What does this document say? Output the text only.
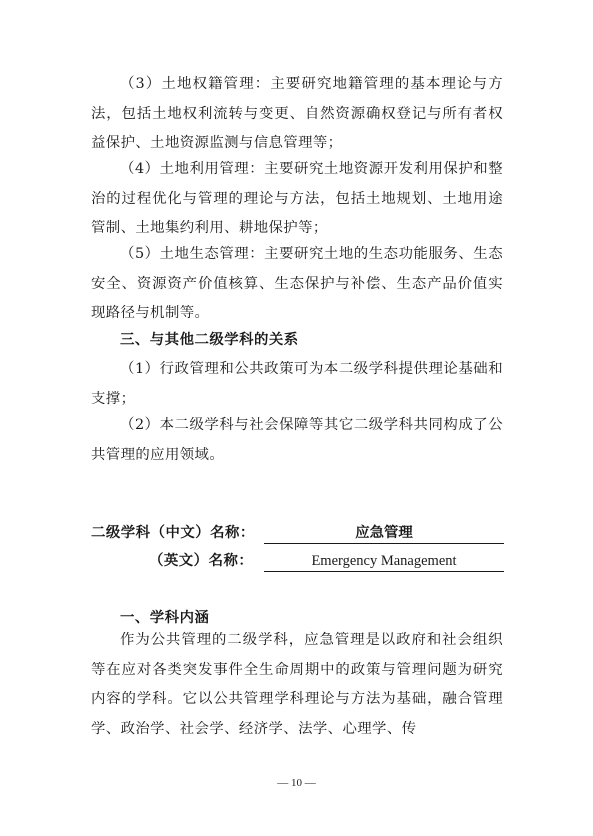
（3）土地权籍管理：主要研究地籍管理的基本理论与方法，包括土地权利流转与变更、自然资源确权登记与所有者权益保护、土地资源监测与信息管理等；

（4）土地利用管理：主要研究土地资源开发利用保护和整治的过程优化与管理的理论与方法，包括土地规划、土地用途管制、土地集约利用、耕地保护等；

（5）土地生态管理：主要研究土地的生态功能服务、生态安全、资源资产价值核算、生态保护与补偿、生态产品价值实现路径与机制等。

三、与其他二级学科的关系

（1）行政管理和公共政策可为本二级学科提供理论基础和支撑；

（2）本二级学科与社会保障等其它二级学科共同构成了公共管理的应用领域。

二级学科（中文）名称：	应急管理
（英文）名称：	Emergency Management

一、学科内涵

作为公共管理的二级学科，应急管理是以政府和社会组织等在应对各类突发事件全生命周期中的政策与管理问题为研究内容的学科。它以公共管理学科理论与方法为基础，融合管理学、政治学、社会学、经济学、法学、心理学、传

— 10 —
